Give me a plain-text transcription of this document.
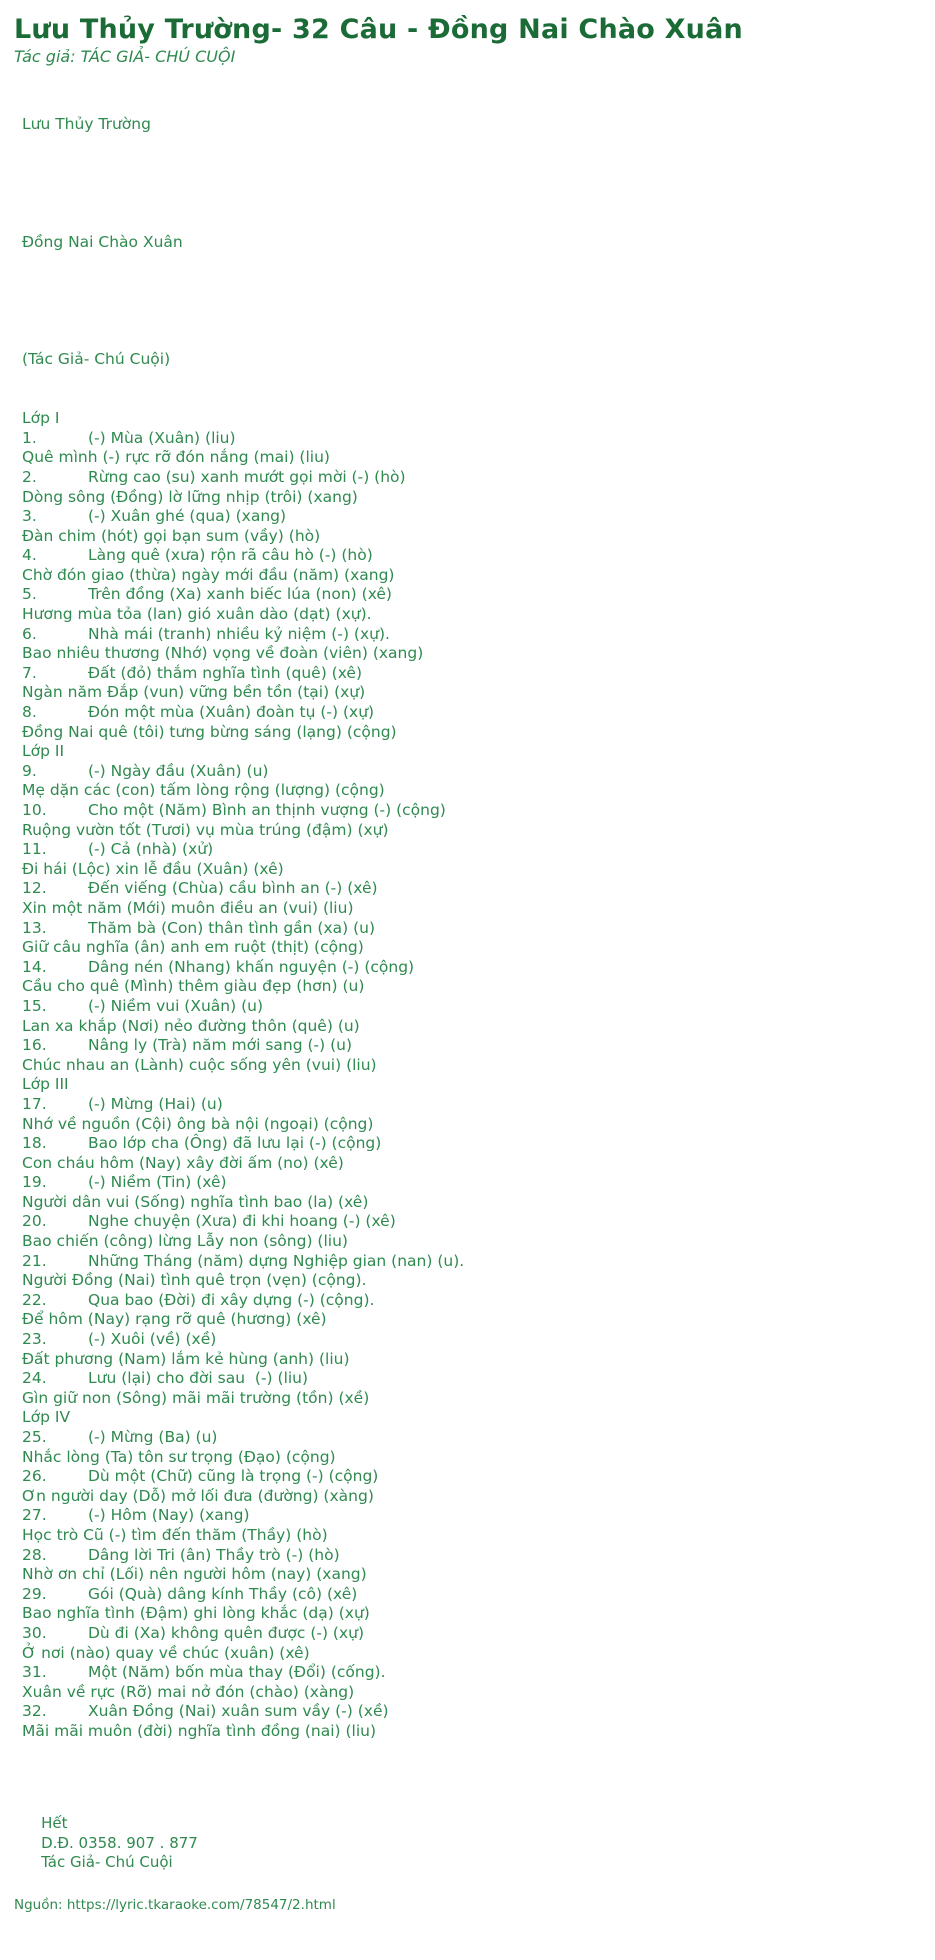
Lưu Thủy Trường- 32 Câu - Đồng Nai Chào Xuân
Tác giả: TÁC GIẢ- CHÚ CUỘI

Lưu Thủy Trường

Đồng Nai Chào Xuân

(Tác Giả- Chú Cuội)

Lớp I
1.	(-) Mùa (Xuân) (liu)
Quê mình (-) rực rỡ đón nắng (mai) (liu)
2.	Rừng cao (su) xanh mướt gọi mời (-) (hò)
Dòng sông (Đồng) lờ lững nhịp (trôi) (xang)
3.	(-) Xuân ghé (qua) (xang)
Đàn chim (hót) gọi bạn sum (vầy) (hò)
4.	Làng quê (xưa) rộn rã câu hò (-) (hò)
Chờ đón giao (thừa) ngày mới đầu (năm) (xang)
5.	Trên đồng (Xa) xanh biếc lúa (non) (xê)
Hương mùa tỏa (lan) gió xuân dào (dạt) (xự).
6.	Nhà mái (tranh) nhiều kỷ niệm (-) (xự).
Bao nhiêu thương (Nhớ) vọng về đoàn (viên) (xang)
7.	Đất (đỏ) thắm nghĩa tình (quê) (xê)
Ngàn năm Đắp (vun) vững bền tồn (tại) (xự)
8.	Đón một mùa (Xuân) đoàn tụ (-) (xự)
Đồng Nai quê (tôi) tưng bừng sáng (lạng) (cộng)
Lớp II
9.	(-) Ngày đầu (Xuân) (u)
Mẹ dặn các (con) tấm lòng rộng (lượng) (cộng)
10.	Cho một (Năm) Bình an thịnh vượng (-) (cộng)
Ruộng vườn tốt (Tươi) vụ mùa trúng (đậm) (xự)
11.	(-) Cả (nhà) (xử)
Đi hái (Lộc) xin lễ đầu (Xuân) (xê)
12.	Đến viếng (Chùa) cầu bình an (-) (xê)
Xin một năm (Mới) muôn điều an (vui) (liu)
13.	Thăm bà (Con) thân tình gần (xa) (u)
Giữ câu nghĩa (ân) anh em ruột (thịt) (cộng)
14.	Dâng nén (Nhang) khấn nguyện (-) (cộng)
Cầu cho quê (Mình) thêm giàu đẹp (hơn) (u)
15.	(-) Niềm vui (Xuân) (u)
Lan xa khắp (Nơi) nẻo đường thôn (quê) (u)
16.	Nâng ly (Trà) năm mới sang (-) (u)
Chúc nhau an (Lành) cuộc sống yên (vui) (liu)
Lớp III
17.	(-) Mừng (Hai) (u)
Nhớ về nguồn (Cội) ông bà nội (ngoại) (cộng)
18.	Bao lớp cha (Ông) đã lưu lại (-) (cộng)
Con cháu hôm (Nay) xây đời ấm (no) (xê)
19.	(-) Niềm (Tin) (xê)
Người dân vui (Sống) nghĩa tình bao (la) (xê)
20.	Nghe chuyện (Xưa) đi khi hoang (-) (xê)
Bao chiến (công) lừng Lẫy non (sông) (liu)
21.	Những Tháng (năm) dựng Nghiệp gian (nan) (u).
Người Đồng (Nai) tình quê trọn (vẹn) (cộng).
22.	Qua bao (Đời) đi xây dựng (-) (cộng).
Để hôm (Nay) rạng rỡ quê (hương) (xê)
23.	(-) Xuôi (về) (xề)
Đất phương (Nam) lắm kẻ hùng (anh) (liu)
24.	Lưu (lại) cho đời sau  (-) (liu)
Gìn giữ non (Sông) mãi mãi trường (tồn) (xề)
Lớp IV
25.	(-) Mừng (Ba) (u)
Nhắc lòng (Ta) tôn sư trọng (Đạo) (cộng)
26.	Dù một (Chữ) cũng là trọng (-) (cộng)
Ơn người day (Dỗ) mở lối đưa (đường) (xàng)
27.	(-) Hôm (Nay) (xang)
Học trò Cũ (-) tìm đến thăm (Thầy) (hò)
28.	Dâng lời Tri (ân) Thầy trò (-) (hò)
Nhờ ơn chỉ (Lối) nên người hôm (nay) (xang)
29.	Gói (Quà) dâng kính Thầy (cô) (xê)
Bao nghĩa tình (Đậm) ghi lòng khắc (dạ) (xự)
30.	Dù đi (Xa) không quên được (-) (xự)
Ở nơi (nào) quay về chúc (xuân) (xê)
31.	Một (Năm) bốn mùa thay (Đổi) (cống).
Xuân về rực (Rỡ) mai nở đón (chào) (xàng)
32.	Xuân Đồng (Nai) xuân sum vầy (-) (xề)
Mãi mãi muôn (đời) nghĩa tình đồng (nai) (liu)

Hết
D.Đ. 0358. 907 . 877
Tác Giả- Chú Cuội

Nguồn: https://lyric.tkaraoke.com/78547/2.html
